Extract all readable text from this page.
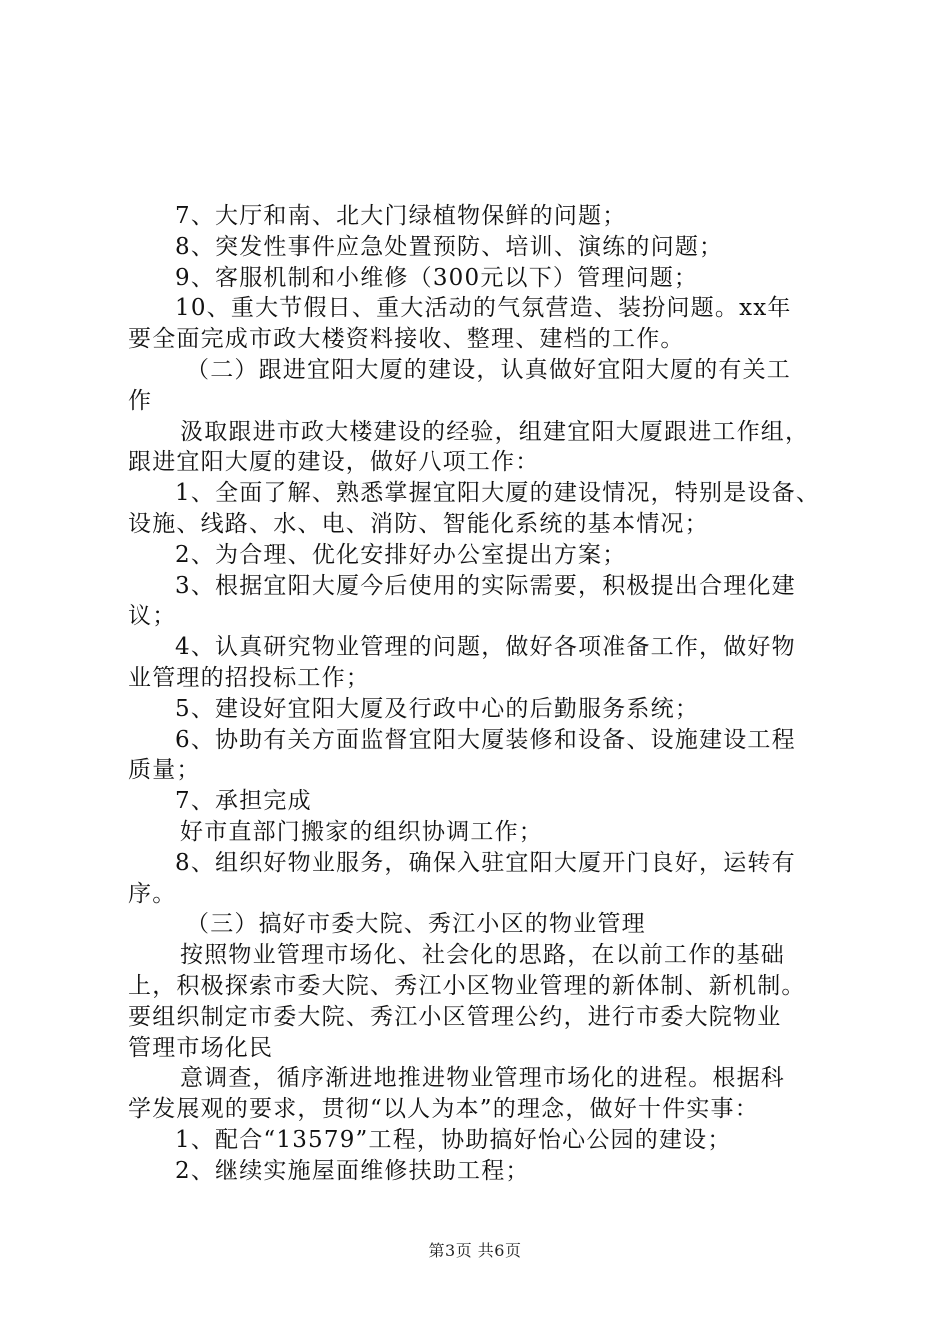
7、大厅和南、北大门绿植物保鲜的问题；
8、突发性事件应急处置预防、培训、演练的问题；
9、客服机制和小维修（300元以下）管理问题；
10、重大节假日、重大活动的气氛营造、装扮问题。xx年
要全面完成市政大楼资料接收、整理、建档的工作。
（二）跟进宜阳大厦的建设，认真做好宜阳大厦的有关工
作
汲取跟进市政大楼建设的经验，组建宜阳大厦跟进工作组，
跟进宜阳大厦的建设，做好八项工作：
1、全面了解、熟悉掌握宜阳大厦的建设情况，特别是设备、
设施、线路、水、电、消防、智能化系统的基本情况；
2、为合理、优化安排好办公室提出方案；
3、根据宜阳大厦今后使用的实际需要，积极提出合理化建
议；
4、认真研究物业管理的问题，做好各项准备工作，做好物
业管理的招投标工作；
5、建设好宜阳大厦及行政中心的后勤服务系统；
6、协助有关方面监督宜阳大厦装修和设备、设施建设工程
质量；
7、承担完成
好市直部门搬家的组织协调工作；
8、组织好物业服务，确保入驻宜阳大厦开门良好，运转有
序。
（三）搞好市委大院、秀江小区的物业管理
按照物业管理市场化、社会化的思路，在以前工作的基础
上，积极探索市委大院、秀江小区物业管理的新体制、新机制。
要组织制定市委大院、秀江小区管理公约，进行市委大院物业
管理市场化民
意调查，循序渐进地推进物业管理市场化的进程。根据科
学发展观的要求，贯彻“以人为本”的理念，做好十件实事：
1、配合“13579”工程，协助搞好怡心公园的建设；
2、继续实施屋面维修扶助工程；
第3页 共6页
